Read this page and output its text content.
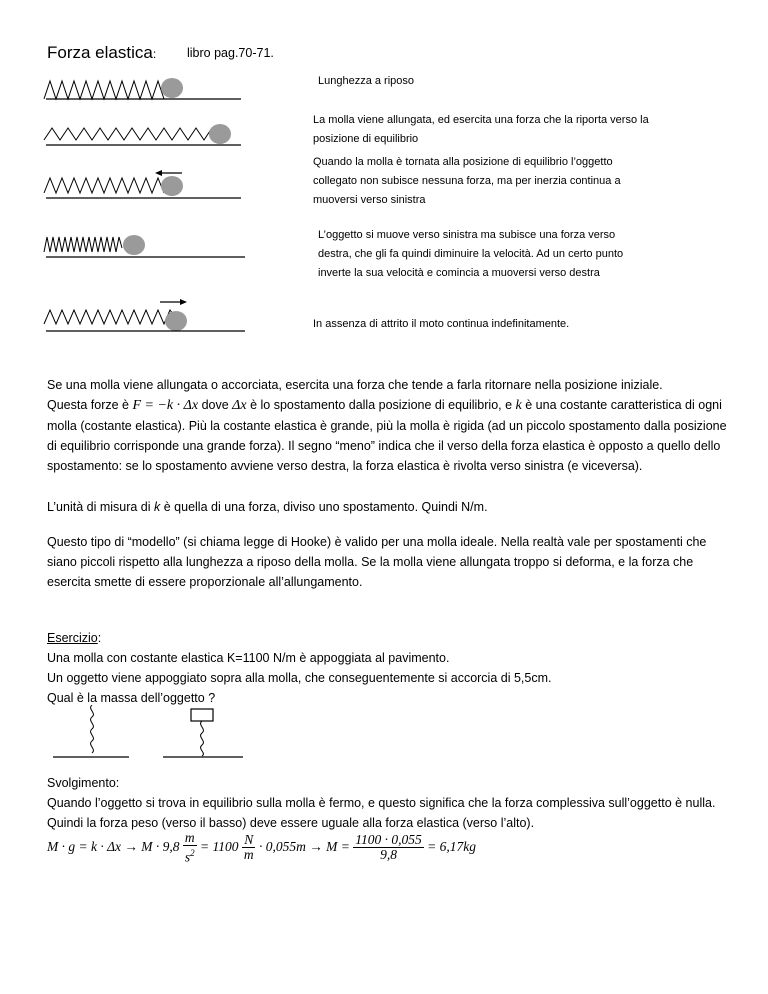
Forza elastica: libro pag.70-71.
Lunghezza a riposo
La molla viene allungata, ed esercita una forza che la riporta verso la posizione di equilibrio
Quando la molla è tornata alla posizione di equilibrio l’oggetto collegato non subisce nessuna forza, ma per inerzia continua a muoversi verso sinistra
L’oggetto si muove verso sinistra ma subisce una forza verso destra, che gli fa quindi diminuire la velocità. Ad un certo punto inverte la sua velocità e comincia a muoversi verso destra
In assenza di attrito il moto continua indefinitamente.
Se una molla viene allungata o accorciata, esercita una forza che tende a farla ritornare nella posizione iniziale.
Questa forze è F = −k · Δx dove Δx è lo spostamento dalla posizione di equilibrio, e k è una costante caratteristica di ogni molla (costante elastica). Più la costante elastica è grande, più la molla è rigida (ad un piccolo spostamento dalla posizione di equilibrio corrisponde una grande forza). Il segno “meno” indica che il verso della forza elastica è opposto a quello dello spostamento: se lo spostamento avviene verso destra, la forza elastica è rivolta verso sinistra (e viceversa).
L’unità di misura di k è quella di una forza, diviso uno spostamento. Quindi N/m.
Questo tipo di “modello” (si chiama legge di Hooke) è valido per una molla ideale. Nella realtà vale per spostamenti che siano piccoli rispetto alla lunghezza a riposo della molla. Se la molla viene allungata troppo si deforma, e la forza che esercita smette di essere proporzionale all’allungamento.
Esercizio:
Una molla con costante elastica K=1100 N/m è appoggiata al pavimento.
Un oggetto viene appoggiato sopra alla molla, che conseguentemente si accorcia di 5,5cm.
Qual è la massa dell’oggetto ?
Svolgimento:
Quando l’oggetto si trova in equilibrio sulla molla è fermo, e questo significa che la forza complessiva sull’oggetto è nulla. Quindi la forza peso (verso il basso) deve essere uguale alla forza elastica (verso l’alto).
$M \cdot g = k \cdot \Delta x \to M \cdot 9,8 \frac{m}{s^2} = 1100 \frac{N}{m} \cdot 0,055m \to M = \frac{1100 \cdot 0,055}{9,8} = 6,17kg$
